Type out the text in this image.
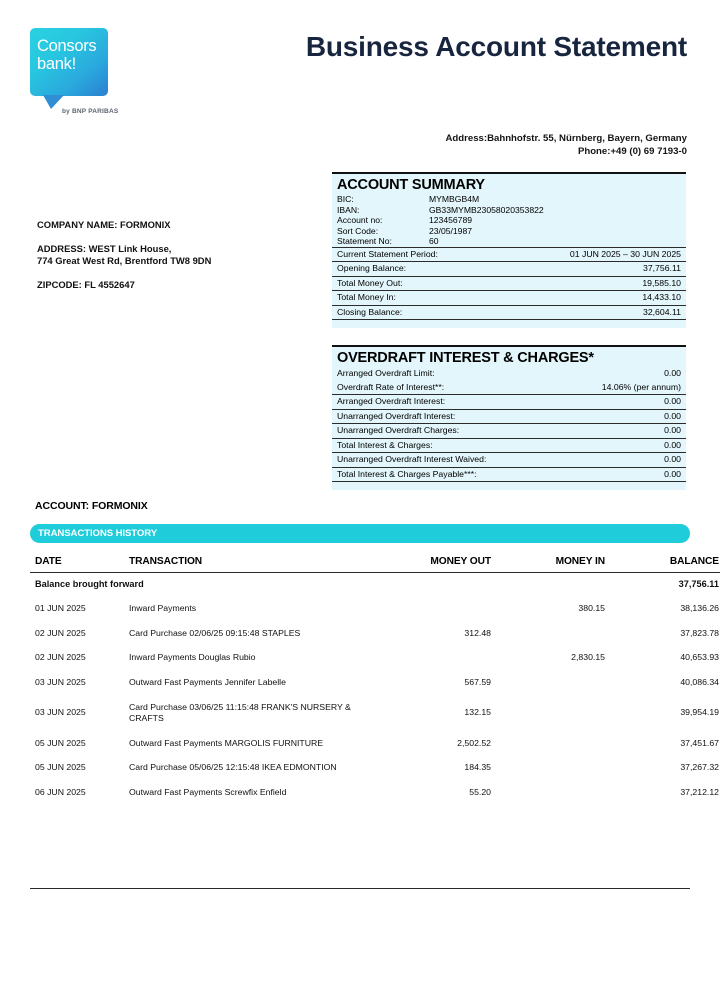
Consors
bank!
by BNP PARIBAS
Business Account Statement
Address:Bahnhofstr. 55, Nürnberg, Bayern, Germany
Phone:+49 (0) 69 7193-0
COMPANY NAME: FORMONIX
ADDRESS: WEST Link House,
774 Great West Rd, Brentford TW8 9DN
ZIPCODE: FL 4552647
ACCOUNT SUMMARY
BIC:	MYMBGB4M
IBAN:	GB33MYMB23058020353822
Account no:	123456789
Sort Code:	23/05/1987
Statement No:	60
Current Statement Period:	01 JUN 2025 – 30 JUN 2025
Opening Balance:	37,756.11
Total Money Out:	19,585.10
Total Money In:	14,433.10
Closing Balance:	32,604.11
OVERDRAFT INTEREST & CHARGES*
Arranged Overdraft Limit:	0.00
Overdraft Rate of Interest**:	14.06% (per annum)
Arranged Overdraft Interest:	0.00
Unarranged Overdraft Interest:	0.00
Unarranged Overdraft Charges:	0.00
Total Interest & Charges:	0.00
Unarranged Overdraft Interest Waived:	0.00
Total Interest & Charges Payable***:	0.00
ACCOUNT: FORMONIX
TRANSACTIONS HISTORY
DATE	TRANSACTION	MONEY OUT	MONEY IN	BALANCE
Balance brought forward				37,756.11
01 JUN 2025	Inward Payments		380.15	38,136.26
02 JUN 2025	Card Purchase 02/06/25 09:15:48 STAPLES	312.48		37,823.78
02 JUN 2025	Inward Payments Douglas Rubio		2,830.15	40,653.93
03 JUN 2025	Outward Fast Payments Jennifer Labelle	567.59		40,086.34
03 JUN 2025	Card Purchase 03/06/25 11:15:48 FRANK'S NURSERY & CRAFTS	132.15		39,954.19
05 JUN 2025	Outward Fast Payments MARGOLIS FURNITURE	2,502.52		37,451.67
05 JUN 2025	Card Purchase 05/06/25 12:15:48 IKEA EDMONTION	184.35		37,267.32
06 JUN 2025	Outward Fast Payments Screwfix Enfield	55.20		37,212.12
